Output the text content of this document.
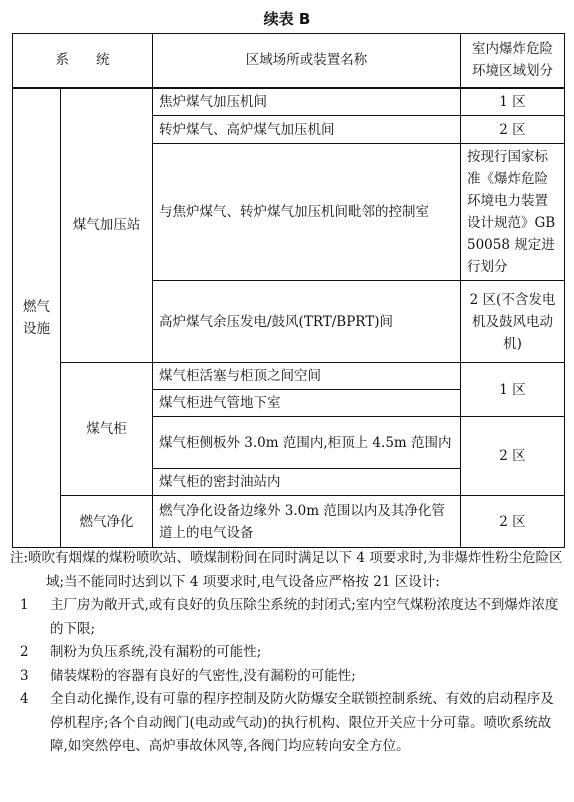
续表 B
系　　统		区域场所或装置名称	室内爆炸危险环境区域划分
燃气设施	煤气加压站	焦炉煤气加压机间	1 区
		转炉煤气、高炉煤气加压机间	2 区
		与焦炉煤气、转炉煤气加压机间毗邻的控制室	按现行国家标准《爆炸危险环境电力装置设计规范》GB 50058 规定进行划分
		高炉煤气余压发电/鼓风(TRT/BPRT)间	2 区(不含发电机及鼓风电动机)
	煤气柜	煤气柜活塞与柜顶之间空间	1 区
		煤气柜进气管地下室	
		煤气柜侧板外 3.0m 范围内,柜顶上 4.5m 范围内	2 区
		煤气柜的密封油站内	
	燃气净化	燃气净化设备边缘外 3.0m 范围以内及其净化管道上的电气设备	2 区

注:喷吹有烟煤的煤粉喷吹站、喷煤制粉间在同时满足以下 4 项要求时,为非爆炸性粉尘危险区域;当不能同时达到以下 4 项要求时,电气设备应严格按 21 区设计:

1	主厂房为敞开式,或有良好的负压除尘系统的封闭式;室内空气煤粉浓度达不到爆炸浓度的下限;
2	制粉为负压系统,没有漏粉的可能性;
3	储装煤粉的容器有良好的气密性,没有漏粉的可能性;
4	全自动化操作,设有可靠的程序控制及防火防爆安全联锁控制系统、有效的启动程序及停机程序;各个自动阀门(电动或气动)的执行机构、限位开关应十分可靠。喷吹系统故障,如突然停电、高炉事故休风等,各阀门均应转向安全方位。
